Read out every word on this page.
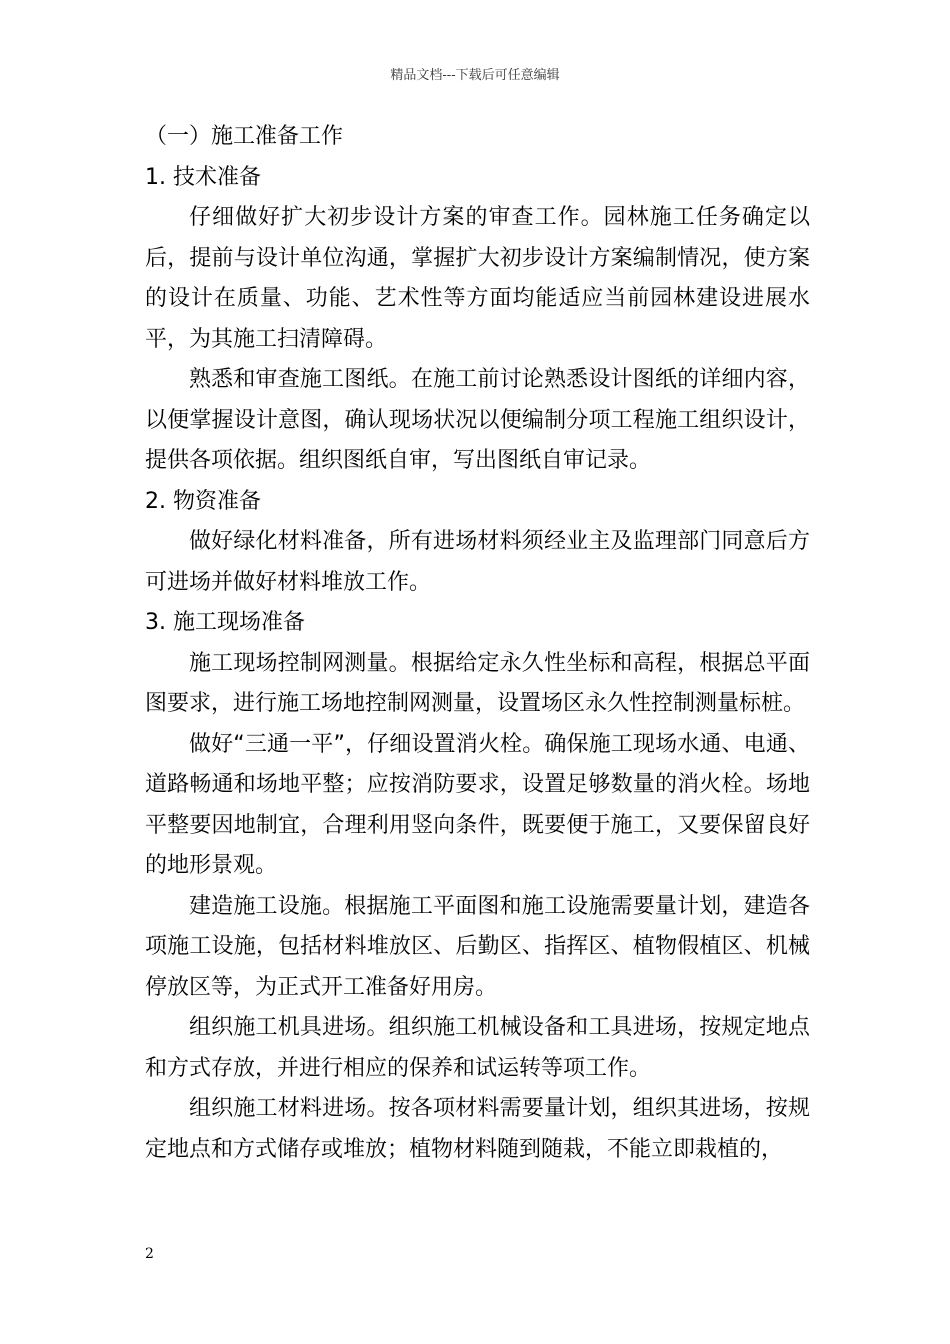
精品文档---下载后可任意编辑
（一）施工准备工作
1. 技术准备

仔细做好扩大初步设计方案的审查工作。园林施工任务确定以后，提前与设计单位沟通，掌握扩大初步设计方案编制情况，使方案的设计在质量、功能、艺术性等方面均能适应当前园林建设进展水平，为其施工扫清障碍。

熟悉和审查施工图纸。在施工前讨论熟悉设计图纸的详细内容，以便掌握设计意图，确认现场状况以便编制分项工程施工组织设计，提供各项依据。组织图纸自审，写出图纸自审记录。

2. 物资准备

做好绿化材料准备，所有进场材料须经业主及监理部门同意后方可进场并做好材料堆放工作。

3. 施工现场准备

施工现场控制网测量。根据给定永久性坐标和高程，根据总平面图要求，进行施工场地控制网测量，设置场区永久性控制测量标桩。

做好“三通一平”，仔细设置消火栓。确保施工现场水通、电通、道路畅通和场地平整；应按消防要求，设置足够数量的消火栓。场地平整要因地制宜，合理利用竖向条件，既要便于施工，又要保留良好的地形景观。

建造施工设施。根据施工平面图和施工设施需要量计划，建造各项施工设施，包括材料堆放区、后勤区、指挥区、植物假植区、机械停放区等，为正式开工准备好用房。

组织施工机具进场。组织施工机械设备和工具进场，按规定地点和方式存放，并进行相应的保养和试运转等项工作。

组织施工材料进场。按各项材料需要量计划，组织其进场，按规定地点和方式储存或堆放；植物材料随到随栽，不能立即栽植的，

2
